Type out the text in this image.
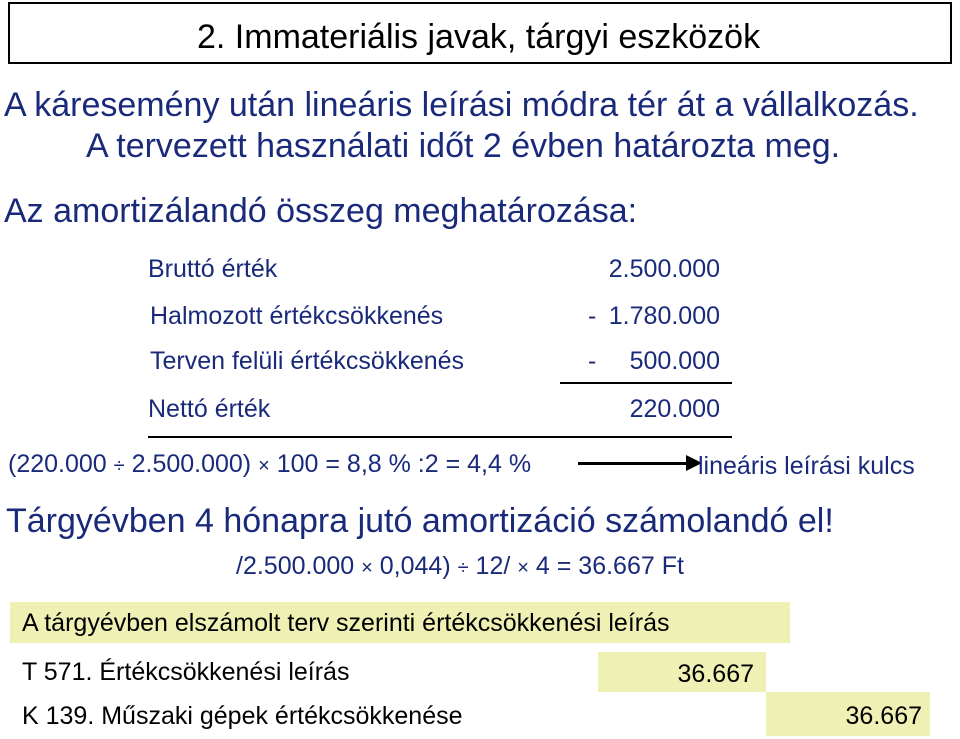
2. Immateriális javak, tárgyi eszközök
A káresemény után lineáris leírási módra tér át a vállalkozás.
A tervezett használati időt 2 évben határozta meg.
Az amortizálandó összeg meghatározása:
Bruttó érték	2.500.000
Halmozott értékcsökkenés	- 1.780.000
Terven felüli értékcsökkenés	-	500.000
Nettó érték	220.000
(220.000 ÷ 2.500.000) × 100 = 8,8 % :2 = 4,4 %	lineáris leírási kulcs
Tárgyévben 4 hónapra jutó amortizáció számolandó el!
/2.500.000 × 0,044) ÷ 12/ × 4 = 36.667 Ft
A tárgyévben elszámolt terv szerinti értékcsökkenési leírás
T 571. Értékcsökkenési leírás	36.667
K 139. Műszaki gépek értékcsökkenése	36.667
